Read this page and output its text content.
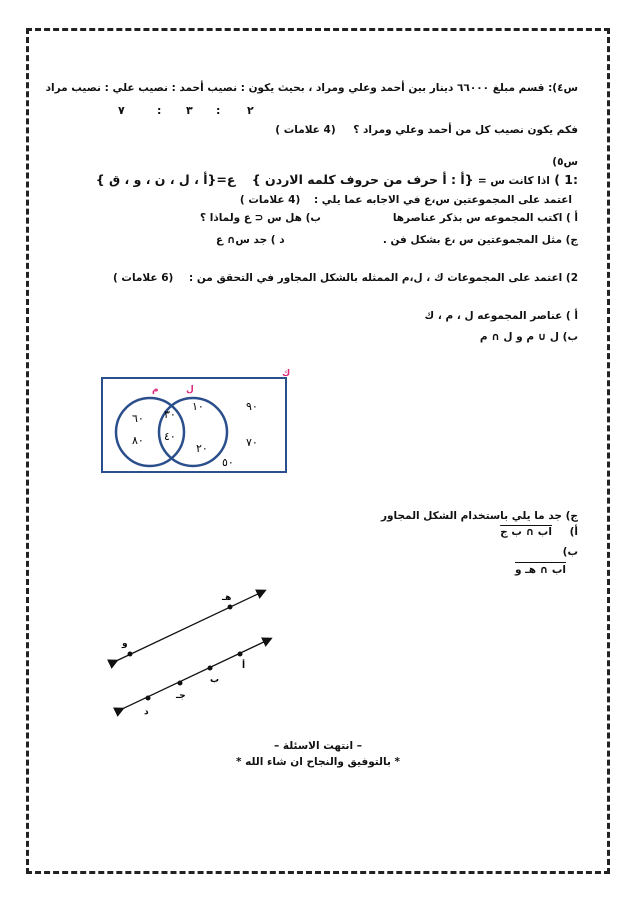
س٤): قسم مبلغ ٦٦٠٠٠ دينار بين أحمد وعلي ومراد ، بحيث يكون : نصيب أحمد : نصيب علي : نصيب مراد
٧	: ٣ : ٢
فكم يكون نصيب كل من أحمد وعلي ومراد ؟ (4 علامات )
س٥)
:1 ) اذا كانت س = {أ : أ حرف من حروف كلمه الاردن } ع={أ ، ل ، ن ، و ، ق }
اعتمد على المجموعتين س،ع في الاجابه عما يلي : (4 علامات )
أ ) اكتب المجموعه س بذكر عناصرها
ب) هل س ⊂ ع ولماذا ؟
ج) مثل المجموعتين س ،ع بشكل فن .
د ) جد س∩ ع
2) اعتمد على المجموعات ك ، ل،م الممثله بالشكل المجاور في التحقق من : (6 علامات )
أ ) عناصر المجموعه ل ، م ، ك
ب) ل ∪ م و ل ∩ م
ك
م	ل
٦٠
٨٠
٣٠
٤٠
١٠
٢٠
٩٠
٧٠
٥٠
ج) جد ما يلي باستخدام الشكل المجاور
أ) اب ∩ ب ج
ب)
اب ∩ هـ و
هـ
و
أ
ب
جـ
د
– انتهت الاسئلة –
* بالتوفيق والنجاح ان شاء الله *
